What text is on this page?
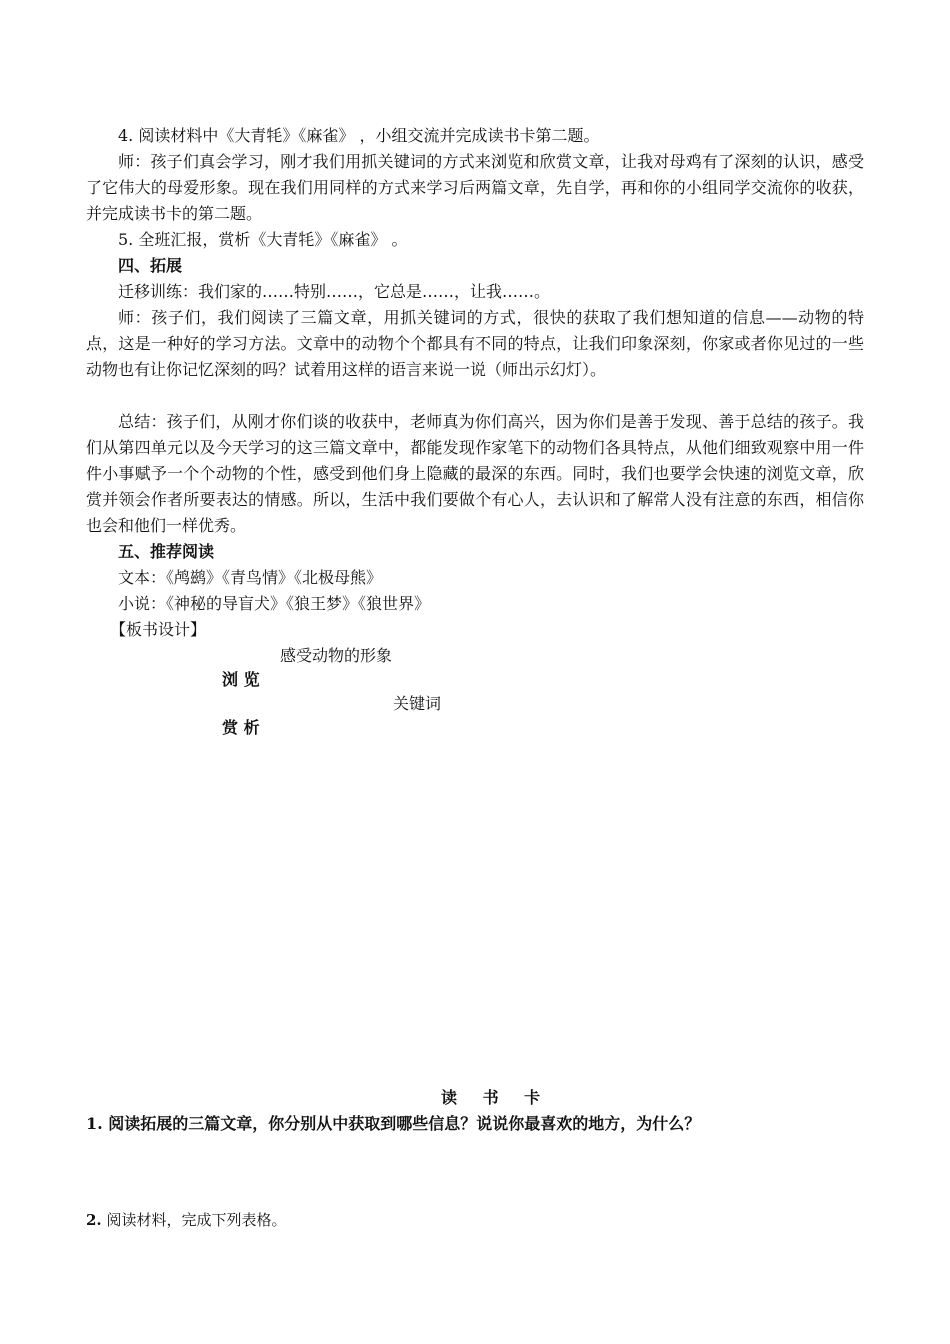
4. 阅读材料中《大青牦》《麻雀》 ，小组交流并完成读书卡第二题。

师：孩子们真会学习，刚才我们用抓关键词的方式来浏览和欣赏文章，让我对母鸡有了深刻的认识，感受了它伟大的母爱形象。现在我们用同样的方式来学习后两篇文章，先自学，再和你的小组同学交流你的收获，并完成读书卡的第二题。

5. 全班汇报，赏析《大青牦》《麻雀》 。

四、拓展

迁移训练：我们家的……特别……，它总是……，让我……。

师：孩子们，我们阅读了三篇文章，用抓关键词的方式，很快的获取了我们想知道的信息——动物的特点，这是一种好的学习方法。文章中的动物个个都具有不同的特点，让我们印象深刻，你家或者你见过的一些动物也有让你记忆深刻的吗？试着用这样的语言来说一说（师出示幻灯）。

总结：孩子们，从刚才你们谈的收获中，老师真为你们高兴，因为你们是善于发现、善于总结的孩子。我们从第四单元以及今天学习的这三篇文章中，都能发现作家笔下的动物们各具特点，从他们细致观察中用一件件小事赋予一个个动物的个性，感受到他们身上隐藏的最深的东西。同时，我们也要学会快速的浏览文章，欣赏并领会作者所要表达的情感。所以，生活中我们要做个有心人，去认识和了解常人没有注意的东西，相信你也会和他们一样优秀。

五、推荐阅读

文本：《鸬鹚》《青鸟情》《北极母熊》

小说：《神秘的导盲犬》《狼王梦》《狼世界》

【板书设计】

感受动物的形象

浏 览

关键词

赏 析

读 书 卡

1. 阅读拓展的三篇文章，你分别从中获取到哪些信息？说说你最喜欢的地方，为什么？

2. 阅读材料，完成下列表格。
